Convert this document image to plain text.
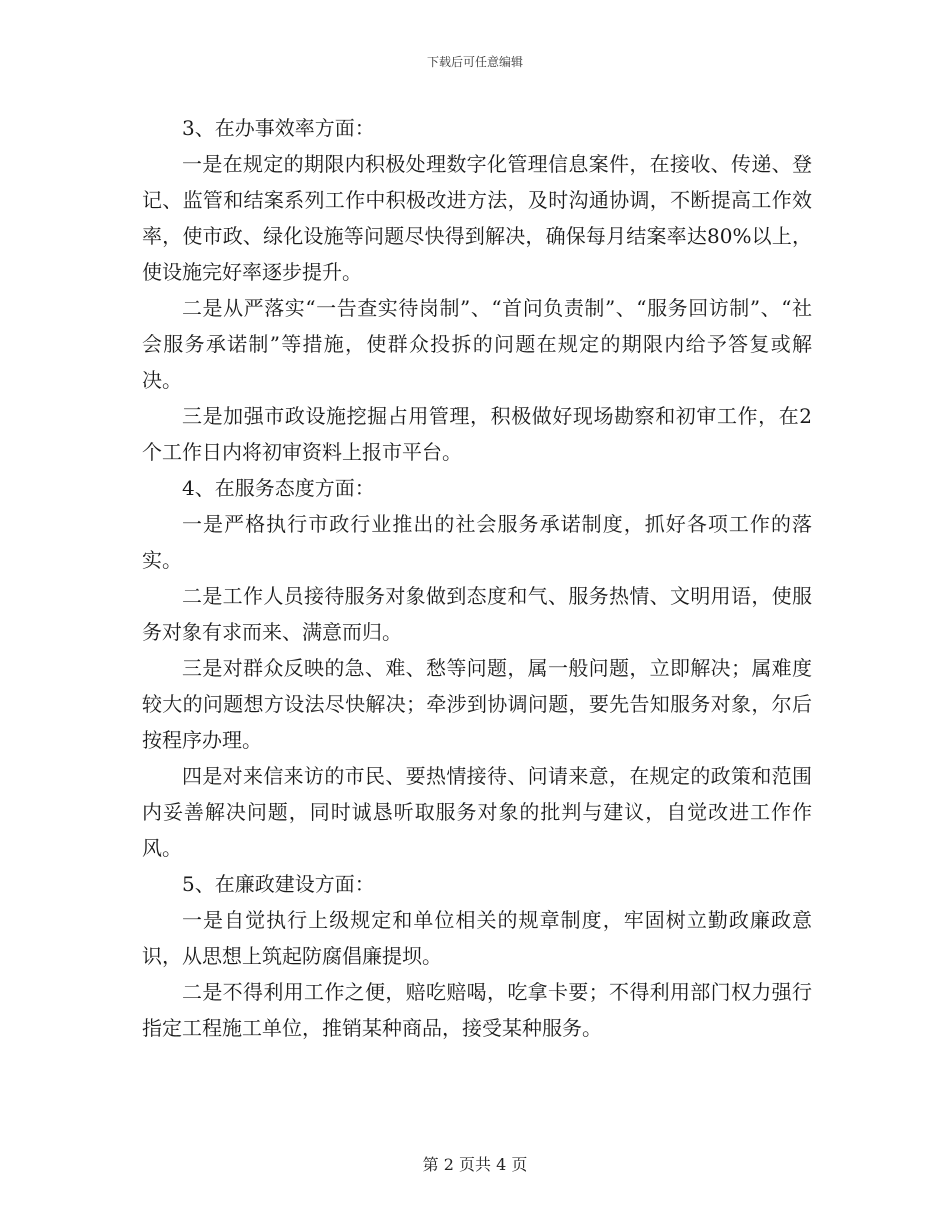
下载后可任意编辑

3、在办事效率方面：

一是在规定的期限内积极处理数字化管理信息案件，在接收、传递、登记、监管和结案系列工作中积极改进方法，及时沟通协调，不断提高工作效率，使市政、绿化设施等问题尽快得到解决，确保每月结案率达80%以上，使设施完好率逐步提升。

二是从严落实“一告查实待岗制”、“首问负责制”、“服务回访制”、“社会服务承诺制”等措施，使群众投拆的问题在规定的期限内给予答复或解决。

三是加强市政设施挖掘占用管理，积极做好现场勘察和初审工作，在2个工作日内将初审资料上报市平台。

4、在服务态度方面：

一是严格执行市政行业推出的社会服务承诺制度，抓好各项工作的落实。

二是工作人员接待服务对象做到态度和气、服务热情、文明用语，使服务对象有求而来、满意而归。

三是对群众反映的急、难、愁等问题，属一般问题，立即解决；属难度较大的问题想方设法尽快解决；牵涉到协调问题，要先告知服务对象，尔后按程序办理。

四是对来信来访的市民、要热情接待、问请来意，在规定的政策和范围内妥善解决问题，同时诚恳听取服务对象的批判与建议，自觉改进工作作风。

5、在廉政建设方面：

一是自觉执行上级规定和单位相关的规章制度，牢固树立勤政廉政意识，从思想上筑起防腐倡廉提坝。

二是不得利用工作之便，赔吃赔喝，吃拿卡要；不得利用部门权力强行指定工程施工单位，推销某种商品，接受某种服务。

第 2 页共 4 页
